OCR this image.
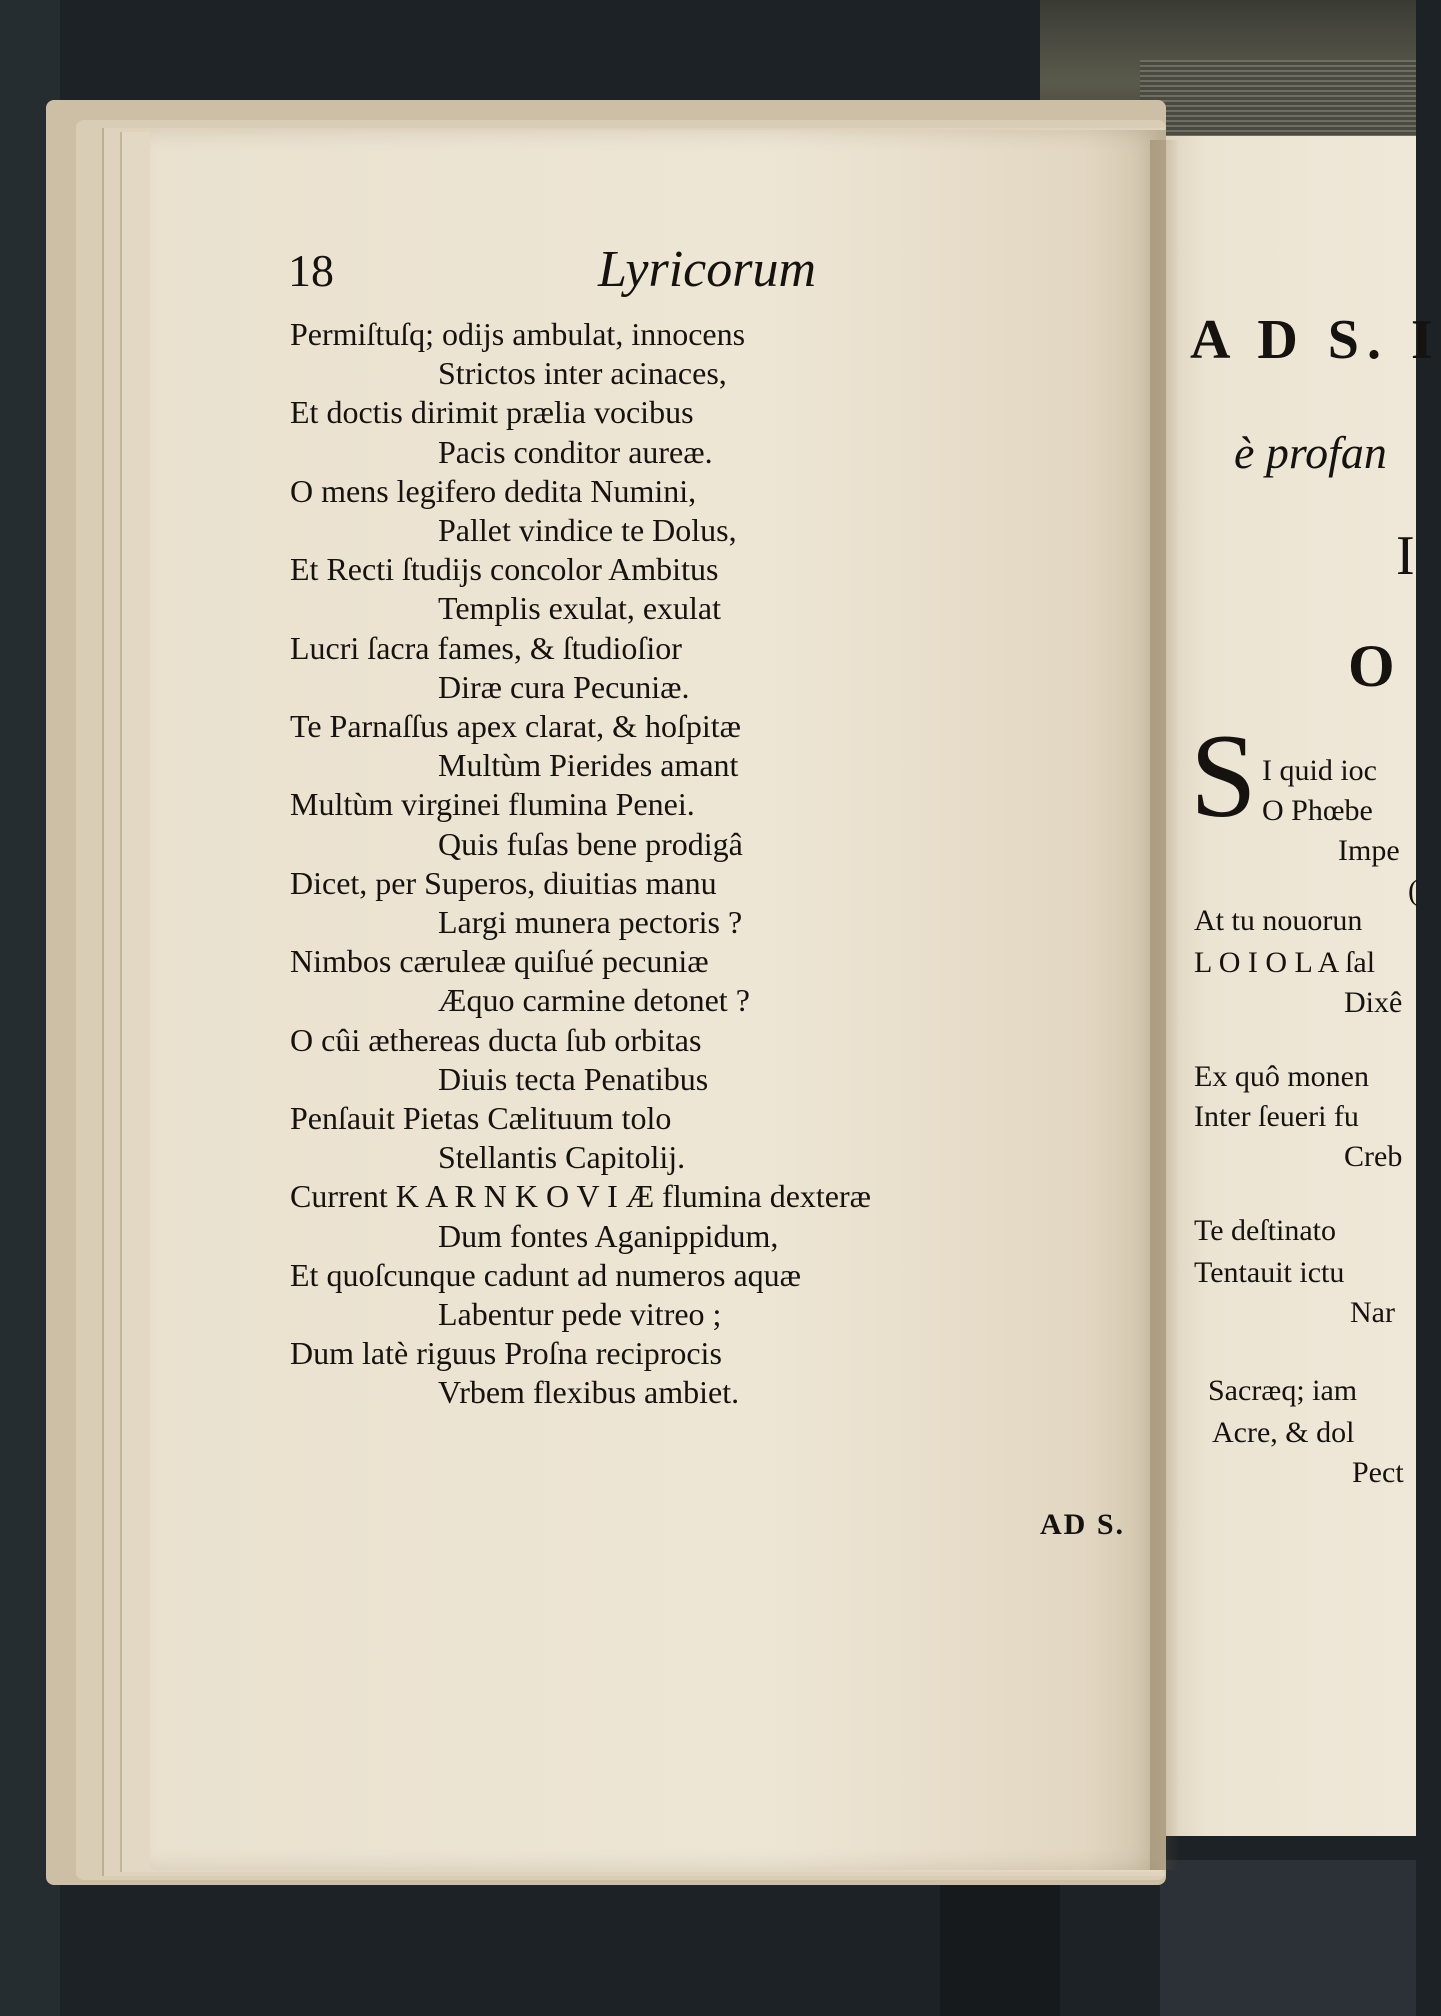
18	Lyricorum
Permiſtuſq; odijs ambulat, innocens
Strictos inter acinaces,
Et doctis dirimit prælia vocibus
Pacis conditor aureæ.
O mens legifero dedita Numini,
Pallet vindice te Dolus,
Et Recti ſtudijs concolor Ambitus
Templis exulat, exulat
Lucri ſacra fames, & ſtudioſior
Diræ cura Pecuniæ.
Te Parnaſſus apex clarat, & hoſpitæ
Multùm Pierides amant
Multùm virginei flumina Penei.
Quis fuſas bene prodigâ
Dicet, per Superos, diuitias manu
Largi munera pectoris ?
Nimbos cæruleæ quiſué pecuniæ
Æquo carmine detonet ?
O cûi æthereas ducta ſub orbitas
Diuis tecta Penatibus
Penſauit Pietas Cælituum tolo
Stellantis Capitolij.
Current K A R N K O V I Æ flumina dexteræ
Dum fontes Aganippidum,
Et quoſcunque cadunt ad numeros aquæ
Labentur pede vitreo ;
Dum latè riguus Proſna reciprocis
Vrbem flexibus ambiet.
AD S.
A D S. I
è profan
I
O
S I quid ioc
O Phœbe
Impe
(
At tu nouorun
L O I O L A ſal
Dixê
Ex quô monen
Inter ſeueri fu
Creb
Te deſtinato
Tentauit ictu
Nar
Sacræq; iam
Acre, & dol
Pect
